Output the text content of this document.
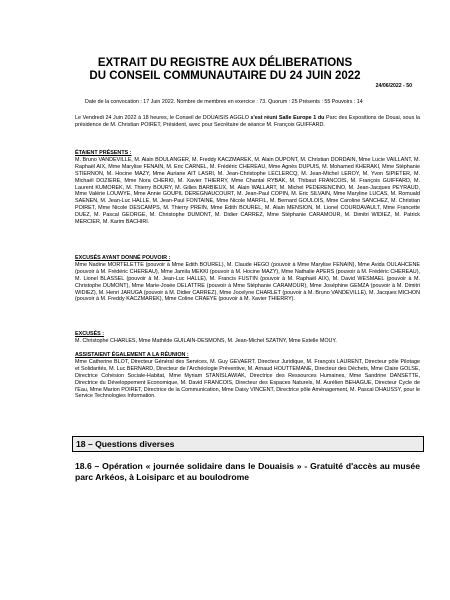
EXTRAIT DU REGISTRE AUX DÉLIBERATIONS
DU CONSEIL COMMUNAUTAIRE DU 24 JUIN 2022
24/06/2022 - 50
Date de la convocation : 17 Juin 2022. Nombre de membres en exercice : 73. Quorum : 25 Présents : 55 Pouvoirs : 14
Le Vendredi 24 Juin 2022 à 18 heures, le Conseil de DOUAISIS AGGLO s'est réuni Salle Europe 1 du Parc des Expositions de Douai, sous la présidence de M. Christian POIRET, Président, avec pour Secrétaire de séance M. François GUIFFARD.
ÉTAIENT PRÉSENTS :
M. Bruno VANDEVILLE, M. Alain BOULANGER, M. Freddy KACZMAREK, M. Alain DUPONT, M. Christian DORDAIN, Mme Lucie VAILLANT, M. Raphaël AIX, Mme Marylise FENAIN, M. Eric CARNEL, M. Frédéric CHEREAU, Mme Agnès DUPUIS, M. Mohamed KHERAKI, Mme Stéphanie STIERNON, M. Hocine MAZY, Mme Auriane AIT LASRI, M. Jean-Christophe LECLERCQ, M. Jean-Michel LEROY, M. Yvon SIPIETER, M. Michaël DOZIERE, Mme Nora CHERKI, M. Xavier THIERRY, Mme Chantal RYBAK, M. Thibaut FRANCOIS, M. François GUIFFARD, M. Laurent KUMOREK, M. Thierry BOURY, M. Gilles BARBIEUX, M. Alain WALLART, M. Michel PEDERENCINO, M. Jean-Jacques PEYRAUD, Mme Valérie LOUWYE, Mme Annie GOUPIL DEREGNAUCOURT, M. Jean-Paul COPIN, M. Eric SILVAIN, Mme Maryline LUCAS, M. Romuald SAENEN, M. Jean-Luc HALLE, M. Jean-Paul FONTAINE, Mme Nicole MARFIL, M. Bernard GOULOIS, Mme Caroline SANCHEZ, M. Christian POIRET, Mme Nicole DESCAMPS, M. Thierry PREIN, Mme Edith BOUREL, M. Alain MENSION, M. Lionel COURDAVAULT, Mme Francette DUEZ, M. Pascal GEORGE, M. Christophe DUMONT, M. Didier CARREZ, Mme Stéphanie CARAMOUR, M. Dimitri WIDIEZ, M. Patrick MERCIER, M. Karim BACHIRI.
EXCUSÉS AYANT DONNÉ POUVOIR :
Mme Nadine MORTELETTE (pouvoir à Mme Edith BOUREL), M. Claude HEGO (pouvoir à Mme Marylise FENAIN), Mme Avida OULAHCENE (pouvoir à M. Frédéric CHEREAU), Mme Jamila MEKKI (pouvoir à M. Hocine MAZY), Mme Nathalie APERS (pouvoir à M. Frédéric CHEREAU), M. Lionel BLASSEL (pouvoir à M. Jean-Luc HALLE), M. Francis FUSTIN (pouvoir à M. Raphaël AIX), M. David WESMAEL (pouvoir à M. Christophe DUMONT), Mme Marie-Josée DELATTRE (pouvoir à Mme Stéphanie CARAMOUR), Mme Joséphine GEMZA (pouvoir à M. Dimitri WIDIEZ), M. Henri JARUGA (pouvoir à M. Didier CARREZ), Mme Jocelyne CHARLET (pouvoir à M. Bruno VANDEVILLE), M. Jacques MICHON (pouvoir à M. Freddy KACZMAREK), Mme Coline CRAEYE (pouvoir à M. Xavier THIERRY).
EXCUSÉS :
M. Christophe CHARLES, Mme Mathilde GUILAIN-DESMONS, M. Jean-Michel SZATNY, Mme Estelle MOUY.
ASSISTAIENT ÉGALEMENT A LA RÉUNION :
Mme Catherine BLOT, Directeur Général des Services, M. Guy GEVAERT, Directeur Juridique, M. François LAURENT, Directeur pôle Pilotage et Solidarités, M. Luc BERNARD, Directeur de l'Archéologie Préventive, M. Arnaud HOUTTEMANE, Directeur des Déchets, Mme Claire GOLSE, Directrice Cohésion Sociale-Habitat, Mme Myriam STANISLAWIAK, Directrice des Ressources Humaines, Mme Sandrine DANSETTE, Directrice du Développement Economique, M. David FRANCOIS, Directeur des Espaces Naturels, M. Aurélien BEHAGUE, Directeur Cycle de l'Eau, Mme Marion POIRET, Directrice de la Communication, Mme Daisy VINCENT, Directrice pôle Aménagement, M. Pascal DHAUSSY, pour le Service Technologies Information.
18 – Questions diverses
18.6 – Opération « journée solidaire dans le Douaisis » - Gratuité d'accès au musée parc Arkéos, à Loisiparc et au boulodrome
